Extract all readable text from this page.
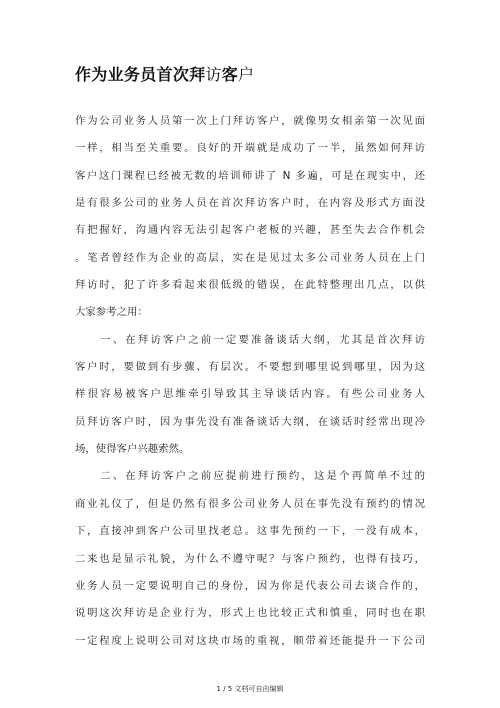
作为业务员首次拜访客户
作为公司业务人员第一次上门拜访客户，就像男女相亲第一次见面
一样，相当至关重要。良好的开端就是成功了一半，虽然如何拜访
客户这门课程已经被无数的培训师讲了 N 多遍，可是在现实中，还
是有很多公司的业务人员在首次拜访客户时，在内容及形式方面没
有把握好，沟通内容无法引起客户老板的兴趣，甚至失去合作机会
。笔者曾经作为企业的高层，实在是见过太多公司业务人员在上门
拜访时，犯了许多看起来很低级的错误，在此特整理出几点，以供
大家参考之用：
　　一、在拜访客户之前一定要准备谈话大纲，尤其是首次拜访
客户时，要做到有步骤、有层次。不要想到哪里说到哪里，因为这
样很容易被客户思维牵引导致其主导谈话内容。有些公司业务人
员拜访客户时，因为事先没有准备谈话大纲，在谈话时经常出现冷
场，使得客户兴趣索然。
　　二、在拜访客户之前应提前进行预约，这是个再简单不过的
商业礼仪了，但是仍然有很多公司业务人员在事先没有预约的情况
下，直接冲到客户公司里找老总。这事先预约一下，一没有成本，
二来也是显示礼貌，为什么不遵守呢？与客户预约，也得有技巧，
业务人员一定要说明自己的身份，因为你是代表公司去谈合作的，
说明这次拜访是企业行为，形式上也比较正式和慎重，同时也在职
一定程度上说明公司对这块市场的重视，顺带着还能提升一下公司
1 / 5 文档可自由编辑
